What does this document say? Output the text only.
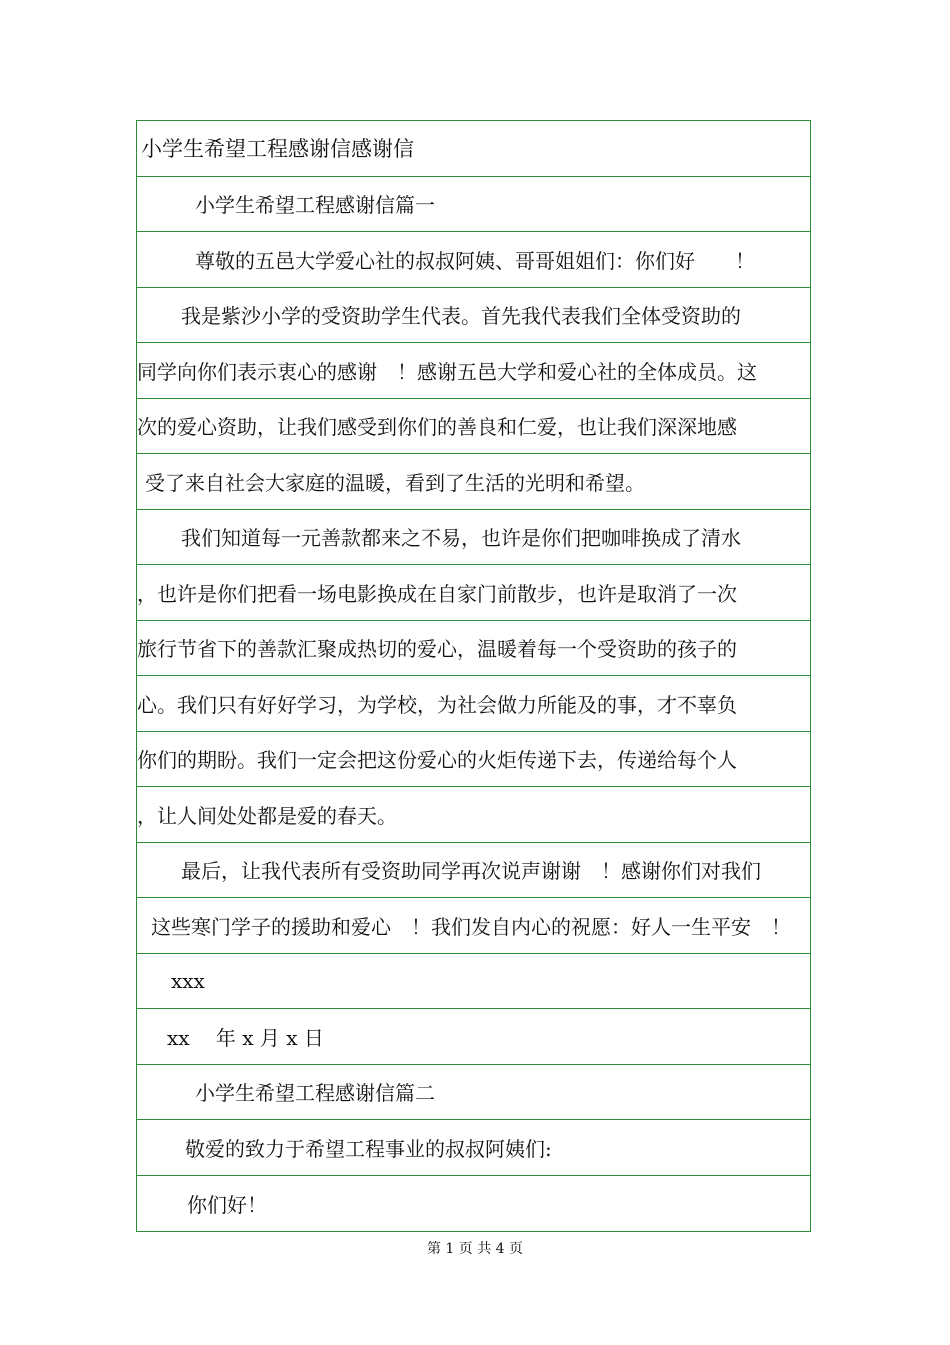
小学生希望工程感谢信感谢信
小学生希望工程感谢信篇一
尊敬的五邑大学爱心社的叔叔阿姨、哥哥姐姐们：你们好　　！
我是紫沙小学的受资助学生代表。首先我代表我们全体受资助的
同学向你们表示衷心的感谢　！感谢五邑大学和爱心社的全体成员。这
次的爱心资助，让我们感受到你们的善良和仁爱，也让我们深深地感
受了来自社会大家庭的温暖，看到了生活的光明和希望。
我们知道每一元善款都来之不易，也许是你们把咖啡换成了清水
，也许是你们把看一场电影换成在自家门前散步，也许是取消了一次
旅行节省下的善款汇聚成热切的爱心，温暖着每一个受资助的孩子的
心。我们只有好好学习，为学校，为社会做力所能及的事，才不辜负
你们的期盼。我们一定会把这份爱心的火炬传递下去，传递给每个人
，让人间处处都是爱的春天。
最后，让我代表所有受资助同学再次说声谢谢　！感谢你们对我们
这些寒门学子的援助和爱心　！我们发自内心的祝愿：好人一生平安　！
xxx
xx　 年 x 月 x 日
小学生希望工程感谢信篇二
敬爱的致力于希望工程事业的叔叔阿姨们:
你们好！
第 1 页 共 4 页
